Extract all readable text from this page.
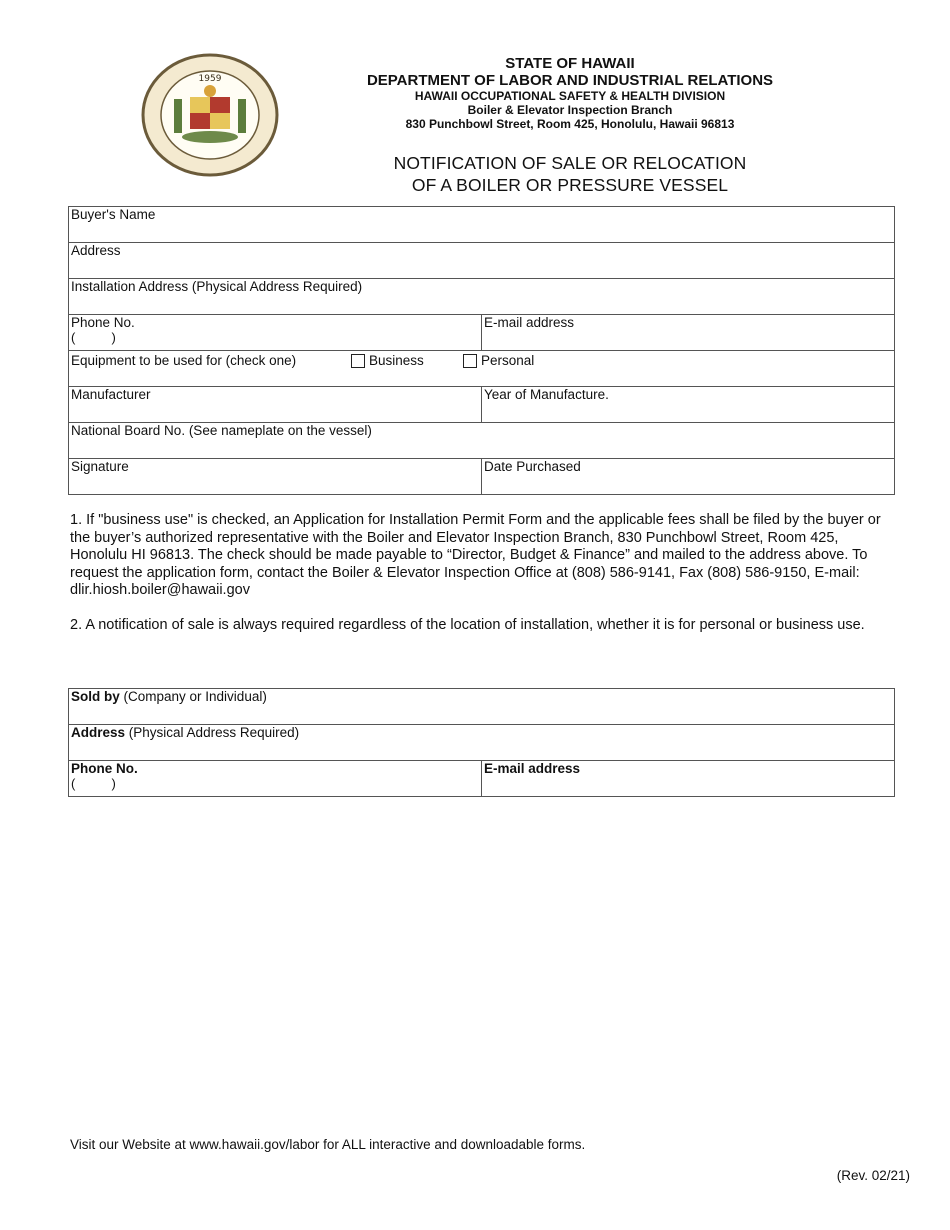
1959
STATE OF HAWAII
DEPARTMENT OF LABOR AND INDUSTRIAL RELATIONS
HAWAII OCCUPATIONAL SAFETY & HEALTH DIVISION
Boiler & Elevator Inspection Branch
830 Punchbowl Street, Room 425, Honolulu, Hawaii 96813
NOTIFICATION OF SALE OR RELOCATION
OF A BOILER OR PRESSURE VESSEL
Buyer's Name	
Address	
Installation Address (Physical Address Required)	
Phone No.
(          )	E-mail address

Equipment to be used for (check one) Business Personal	

Manufacturer	Year of Manufacture.
National Board No. (See nameplate on the vessel)	
Signature	Date Purchased

1. If "business use" is checked, an Application for Installation Permit Form and the applicable fees shall be filed by the buyer or the buyer’s authorized representative with the Boiler and Elevator Inspection Branch, 830 Punchbowl Street, Room 425, Honolulu HI 96813. The check should be made payable to “Director, Budget & Finance” and mailed to the address above. To request the application form, contact the Boiler & Elevator Inspection Office at (808) 586-9141, Fax (808) 586-9150, E-mail: dlir.hiosh.boiler@hawaii.gov

2. A notification of sale is always required regardless of the location of installation, whether it is for personal or business use.

Sold by (Company or Individual)
Address (Physical Address Required)
Phone No.
(          )
	E-mail address
Visit our Website at www.hawaii.gov/labor for ALL interactive and downloadable forms.
(Rev. 02/21)
